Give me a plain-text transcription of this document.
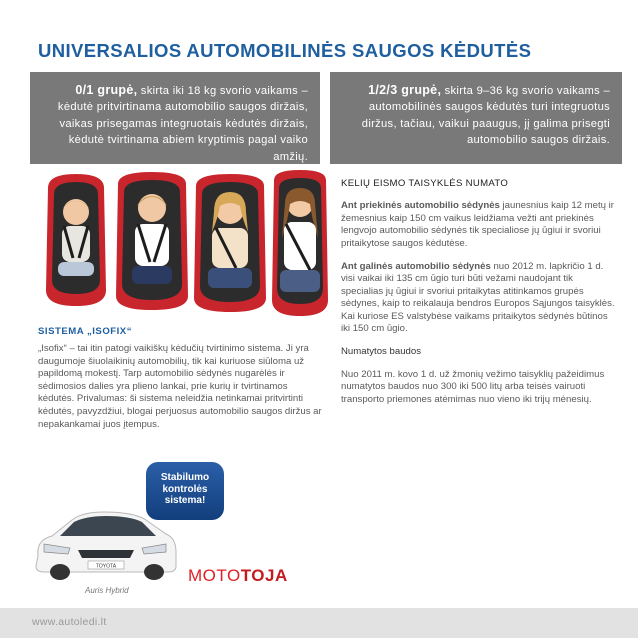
UNIVERSALIOS AUTOMOBILINĖS SAUGOS KĖDUTĖS
0/1 grupė, skirta iki 18 kg svorio vaikams – kėdutė pritvirtinama automobilio saugos diržais, vaikas prisegamas integruotais kėdutės diržais, kėdutė tvirtinama abiem kryptimis pagal vaiko amžių.
1/2/3 grupė, skirta 9–36 kg svorio vaikams – automobilinės saugos kėdutės turi integruotus diržus, tačiau, vaikui paaugus, jį galima prisegti automobilio saugos diržais.
SISTEMA „ISOFIX“
„Isofix“ – tai itin patogi vaikiškų kėdučių tvirtinimo sistema. Ji yra daugumoje šiuolaikinių automobilių, tik kai kuriuose siūloma už papildomą mokestį. Tarp automobilio sėdynės nugarėlės ir sėdimosios dalies yra plieno lankai, prie kurių ir tvirtinamos kėdutės. Privalumas: ši sistema neleidžia netinkamai pritvirtinti kėdutės, pavyzdžiui, blogai perjuosus automobilio saugos diržus ar nepakankamai juos įtempus.

KELIŲ EISMO TAISYKLĖS NUMATO

Ant priekinės automobilio sėdynės jaunesnius kaip 12 metų ir žemesnius kaip 150 cm vaikus leidžiama vežti ant priekinės lengvojo automobilio sėdynės tik specialiose jų ūgiui ir svoriui pritaikytose saugos kėdutėse.

Ant galinės automobilio sėdynės nuo 2012 m. lapkričio 1 d. visi vaikai iki 135 cm ūgio turi būti vežami naudojant tik specialias jų ūgiui ir svoriui pritaikytas atitinkamos grupės sėdynes, kaip to reikalauja bendros Europos Sąjungos taisyklės. Kai kuriose ES valstybėse vaikams pritaikytos sėdynės būtinos iki 150 cm ūgio.

Numatytos baudos

Nuo 2011 m. kovo 1 d. už žmonių vežimo taisyklių pažeidimus numatytos baudos nuo 300 iki 500 litų arba teisės vairuoti transporto priemones atėmimas nuo vieno iki trijų mėnesių.

Stabilumo kontrolės sistema!
TOYOTA	MOTOTOJA
Auris Hybrid
www.autoledi.lt
